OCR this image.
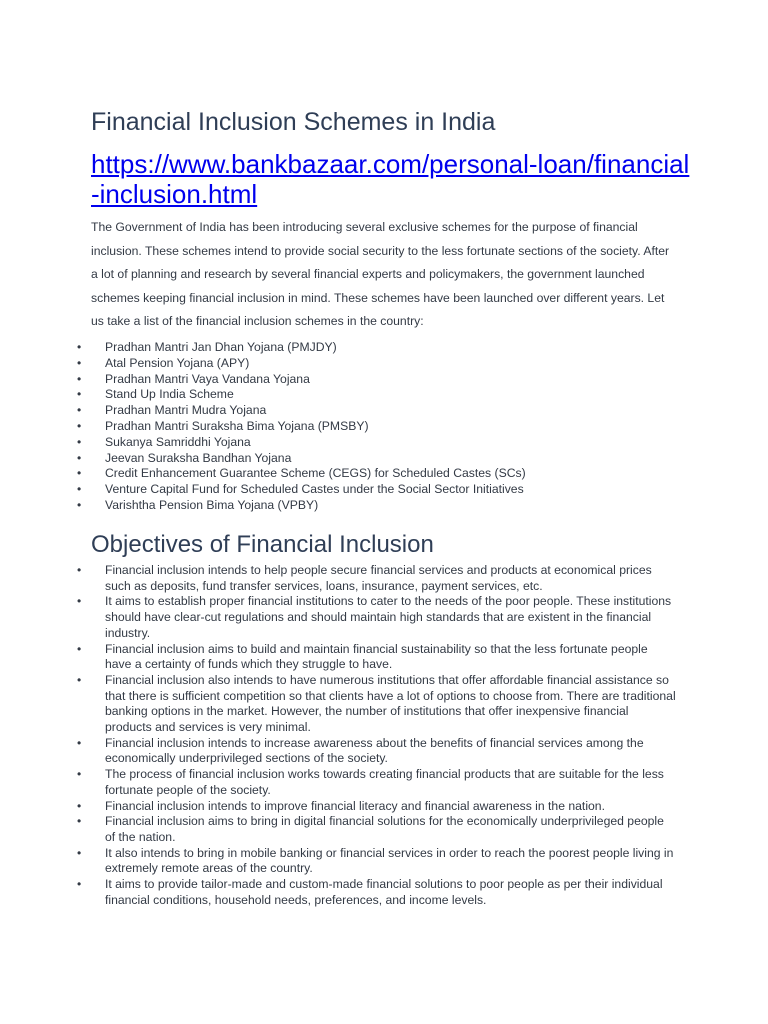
Financial Inclusion Schemes in India
https://www.bankbazaar.com/personal-loan/financial-inclusion.html

The Government of India has been introducing several exclusive schemes for the purpose of financial inclusion. These schemes intend to provide social security to the less fortunate sections of the society. After a lot of planning and research by several financial experts and policymakers, the government launched schemes keeping financial inclusion in mind. These schemes have been launched over different years. Let us take a list of the financial inclusion schemes in the country:

• Pradhan Mantri Jan Dhan Yojana (PMJDY)
• Atal Pension Yojana (APY)
• Pradhan Mantri Vaya Vandana Yojana
• Stand Up India Scheme
• Pradhan Mantri Mudra Yojana
• Pradhan Mantri Suraksha Bima Yojana (PMSBY)
• Sukanya Samriddhi Yojana
• Jeevan Suraksha Bandhan Yojana
• Credit Enhancement Guarantee Scheme (CEGS) for Scheduled Castes (SCs)
• Venture Capital Fund for Scheduled Castes under the Social Sector Initiatives
• Varishtha Pension Bima Yojana (VPBY)
Objectives of Financial Inclusion
• Financial inclusion intends to help people secure financial services and products at economical prices such as deposits, fund transfer services, loans, insurance, payment services, etc.
• It aims to establish proper financial institutions to cater to the needs of the poor people. These institutions should have clear-cut regulations and should maintain high standards that are existent in the financial industry.
• Financial inclusion aims to build and maintain financial sustainability so that the less fortunate people have a certainty of funds which they struggle to have.
• Financial inclusion also intends to have numerous institutions that offer affordable financial assistance so that there is sufficient competition so that clients have a lot of options to choose from. There are traditional banking options in the market. However, the number of institutions that offer inexpensive financial products and services is very minimal.
• Financial inclusion intends to increase awareness about the benefits of financial services among the economically underprivileged sections of the society.
• The process of financial inclusion works towards creating financial products that are suitable for the less fortunate people of the society.
• Financial inclusion intends to improve financial literacy and financial awareness in the nation.
• Financial inclusion aims to bring in digital financial solutions for the economically underprivileged people of the nation.
• It also intends to bring in mobile banking or financial services in order to reach the poorest people living in extremely remote areas of the country.
• It aims to provide tailor-made and custom-made financial solutions to poor people as per their individual financial conditions, household needs, preferences, and income levels.
